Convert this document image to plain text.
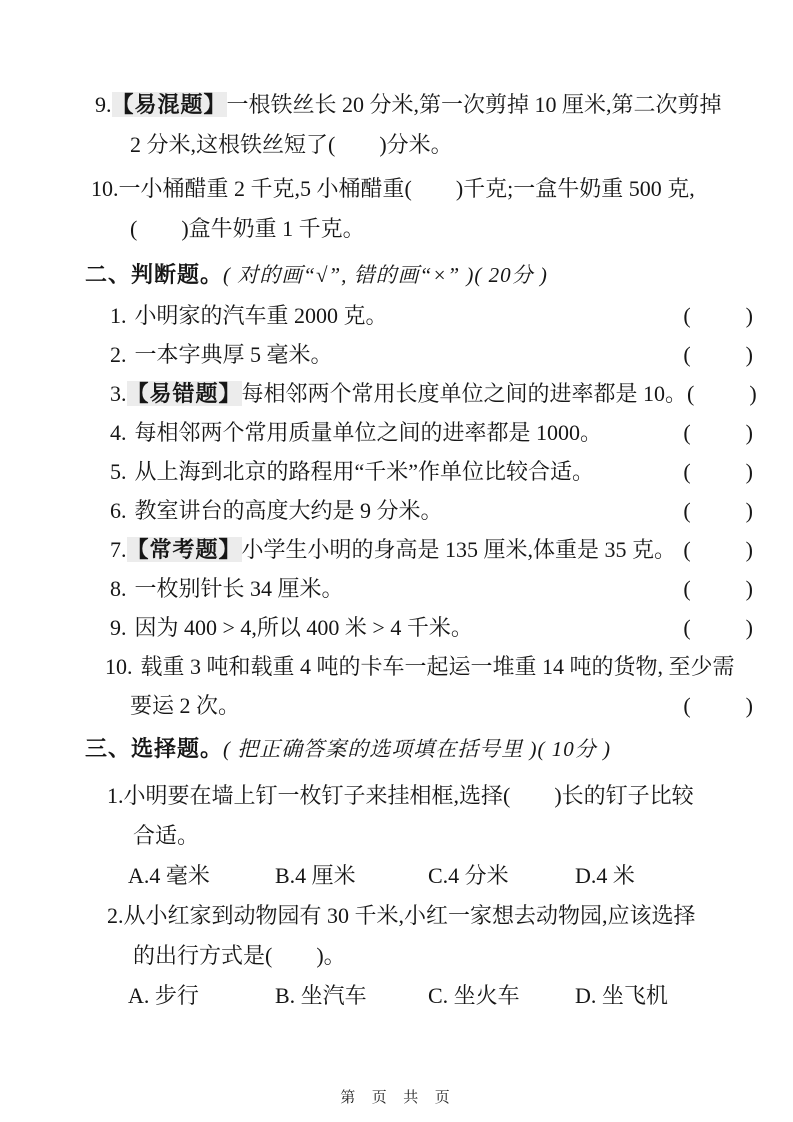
9.【易混题】一根铁丝长 20 分米,第一次剪掉 10 厘米,第二次剪掉
2 分米,这根铁丝短了(        )分米。
10.一小桶醋重 2 千克,5 小桶醋重(        )千克;一盒牛奶重 500 克,
(        )盒牛奶重 1 千克。
二、判断题。( 对的画“√”, 错的画“×” )( 20分 )
1. 小明家的汽车重 2000 克。	(          )
2. 一本字典厚 5 毫米。	(          )
3.【易错题】每相邻两个常用长度单位之间的进率都是 10。 (          )
4. 每相邻两个常用质量单位之间的进率都是 1000。	(          )
5. 从上海到北京的路程用“千米”作单位比较合适。	(          )
6. 教室讲台的高度大约是 9 分米。	(          )
7.【常考题】小学生小明的身高是 135 厘米,体重是 35 克。 (          )
8. 一枚别针长 34 厘米。	(          )
9. 因为 400 > 4,所以 400 米 > 4 千米。	(          )
10. 载重 3 吨和载重 4 吨的卡车一起运一堆重 14 吨的货物, 至少需
要运 2 次。	(          )
三、选择题。( 把正确答案的选项填在括号里 )( 10分 )
1.小明要在墙上钉一枚钉子来挂相框,选择(        )长的钉子比较
合适。
A.4 毫米	B.4 厘米	C.4 分米	D.4 米
2.从小红家到动物园有 30 千米,小红一家想去动物园,应该选择
的出行方式是(        )。
A. 步行	B. 坐汽车	C. 坐火车	D. 坐飞机
第  页  共  页
